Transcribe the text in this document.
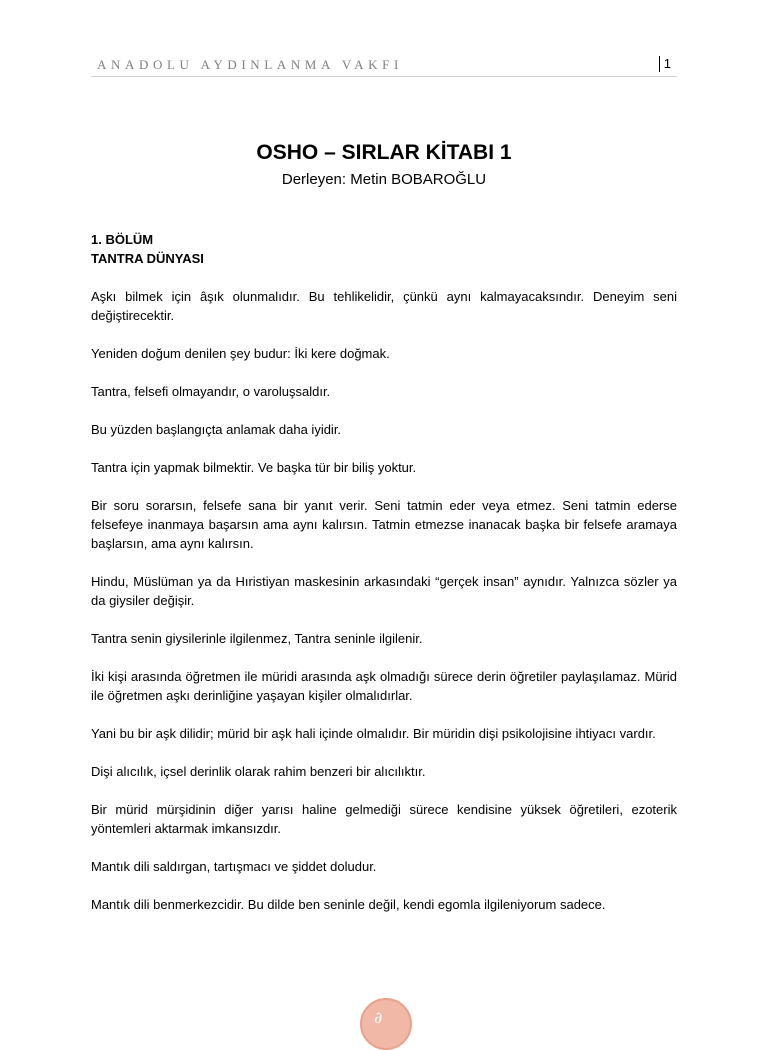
ANADOLU AYDINLANMA VAKFI	1
OSHO – SIRLAR KİTABI 1
Derleyen: Metin BOBAROĞLU

1. BÖLÜM

TANTRA DÜNYASI

Aşkı bilmek için âşık olunmalıdır. Bu tehlikelidir, çünkü aynı kalmayacaksındır. Deneyim seni değiştirecektir.

Yeniden doğum denilen şey budur: İki kere doğmak.

Tantra, felsefi olmayandır, o varoluşsaldır.

Bu yüzden başlangıçta anlamak daha iyidir.

Tantra için yapmak bilmektir. Ve başka tür bir biliş yoktur.

Bir soru sorarsın, felsefe sana bir yanıt verir. Seni tatmin eder veya etmez. Seni tatmin ederse felsefeye inanmaya başarsın ama aynı kalırsın. Tatmin etmezse inanacak başka bir felsefe aramaya başlarsın, ama aynı kalırsın.

Hindu, Müslüman ya da Hıristiyan maskesinin arkasındaki “gerçek insan” aynıdır. Yalnızca sözler ya da giysiler değişir.

Tantra senin giysilerinle ilgilenmez, Tantra seninle ilgilenir.

İki kişi arasında öğretmen ile müridi arasında aşk olmadığı sürece derin öğretiler paylaşılamaz. Mürid ile öğretmen aşkı derinliğine yaşayan kişiler olmalıdırlar.

Yani bu bir aşk dilidir; mürid bir aşk hali içinde olmalıdır. Bir müridin dişi psikolojisine ihtiyacı vardır.

Dişi alıcılık, içsel derinlik olarak rahim benzeri bir alıcılıktır.

Bir mürid mürşidinin diğer yarısı haline gelmediği sürece kendisine yüksek öğretileri, ezoterik yöntemleri aktarmak imkansızdır.

Mantık dili saldırgan, tartışmacı ve şiddet doludur.

Mantık dili benmerkezcidir. Bu dilde ben seninle değil, kendi egomla ilgileniyorum sadece.

∂
